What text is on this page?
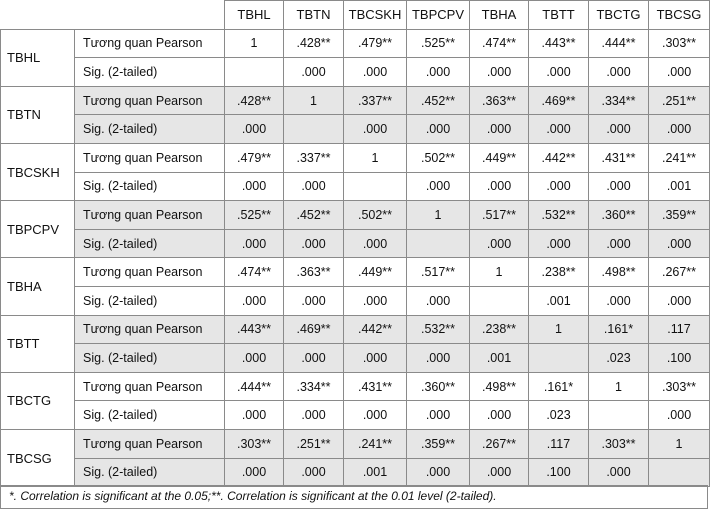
		TBHL	TBTN	TBCSKH	TBPCPV	TBHA	TBTT	TBCTG	TBCSG
TBHL	Tương quan Pearson	1	.428**	.479**	.525**	.474**	.443**	.444**	.303**
	Sig. (2-tailed)		.000	.000	.000	.000	.000	.000	.000
TBTN	Tương quan Pearson	.428**	1	.337**	.452**	.363**	.469**	.334**	.251**
	Sig. (2-tailed)	.000		.000	.000	.000	.000	.000	.000
TBCSKH	Tương quan Pearson	.479**	.337**	1	.502**	.449**	.442**	.431**	.241**
	Sig. (2-tailed)	.000	.000		.000	.000	.000	.000	.001
TBPCPV	Tương quan Pearson	.525**	.452**	.502**	1	.517**	.532**	.360**	.359**
	Sig. (2-tailed)	.000	.000	.000		.000	.000	.000	.000
TBHA	Tương quan Pearson	.474**	.363**	.449**	.517**	1	.238**	.498**	.267**
	Sig. (2-tailed)	.000	.000	.000	.000		.001	.000	.000
TBTT	Tương quan Pearson	.443**	.469**	.442**	.532**	.238**	1	.161*	.117
	Sig. (2-tailed)	.000	.000	.000	.000	.001		.023	.100
TBCTG	Tương quan Pearson	.444**	.334**	.431**	.360**	.498**	.161*	1	.303**
	Sig. (2-tailed)	.000	.000	.000	.000	.000	.023		.000
TBCSG	Tương quan Pearson	.303**	.251**	.241**	.359**	.267**	.117	.303**	1
	Sig. (2-tailed)	.000	.000	.001	.000	.000	.100	.000	
*. Correlation is significant at the 0.05;**. Correlation is significant at the 0.01 level (2-tailed).
